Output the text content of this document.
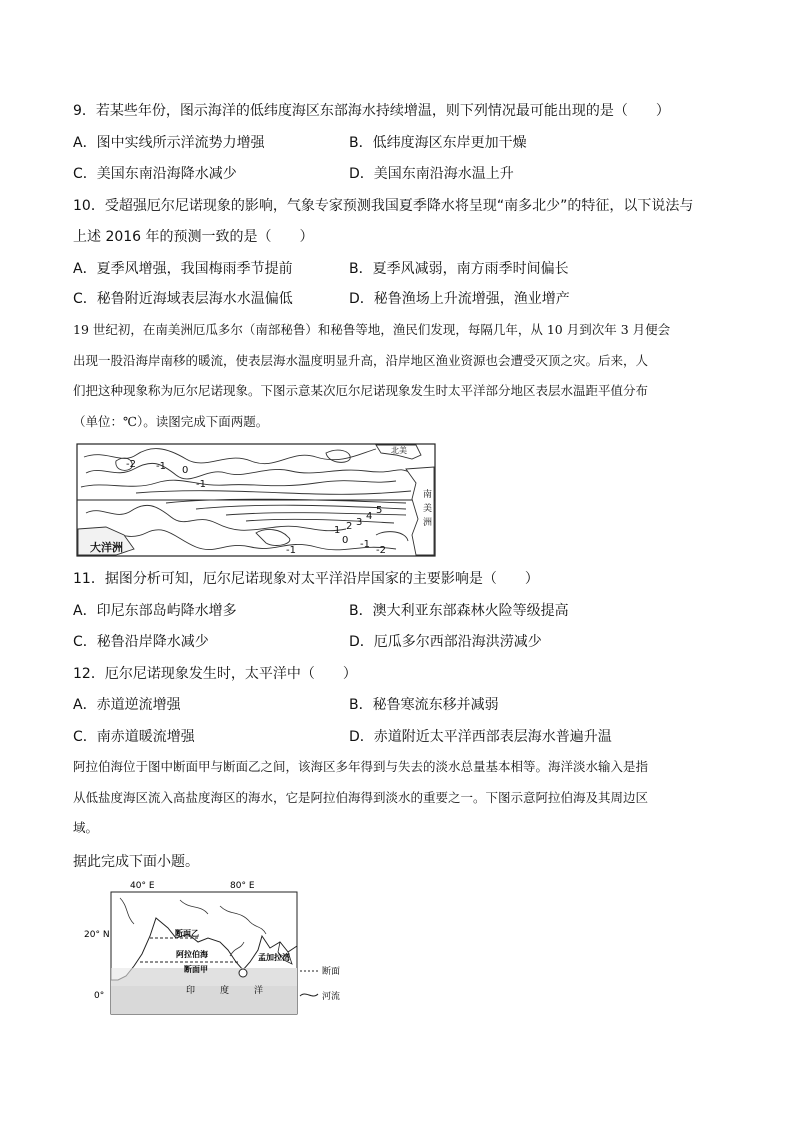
9．若某些年份，图示海洋的低纬度海区东部海水持续增温，则下列情况最可能出现的是（　　）
A．图中实线所示洋流势力增强	B．低纬度海区东岸更加干燥
C．美国东南沿海降水减少	D．美国东南沿海水温上升
10．受超强厄尔尼诺现象的影响，气象专家预测我国夏季降水将呈现“南多北少”的特征，以下说法与
上述 2016 年的预测一致的是（　　）
A．夏季风增强，我国梅雨季节提前	B．夏季风减弱，南方雨季时间偏长
C．秘鲁附近海域表层海水水温偏低	D．秘鲁渔场上升流增强，渔业增产
19 世纪初，在南美洲厄瓜多尔（南部秘鲁）和秘鲁等地，渔民们发现，每隔几年，从 10 月到次年 3 月便会
出现一股沿海岸南移的暖流，使表层海水温度明显升高，沿岸地区渔业资源也会遭受灭顶之灾。后来，人
们把这种现象称为厄尔尼诺现象。下图示意某次厄尔尼诺现象发生时太平洋部分地区表层水温距平值分布
（单位：℃）。读图完成下面两题。
-2 -1 0
-1
5
4
3
2
1
0 -1
-2
-1
北美
南
美
洲
大洋洲
11．据图分析可知，厄尔尼诺现象对太平洋沿岸国家的主要影响是（　　）
A．印尼东部岛屿降水增多	B．澳大利亚东部森林火险等级提高
C．秘鲁沿岸降水减少	D．厄瓜多尔西部沿海洪涝减少
12．厄尔尼诺现象发生时，太平洋中（　　）
A．赤道逆流增强	B．秘鲁寒流东移并减弱
C．南赤道暖流增强	D．赤道附近太平洋西部表层海水普遍升温
阿拉伯海位于图中断面甲与断面乙之间，该海区多年得到与失去的淡水总量基本相等。海洋淡水输入是指
从低盐度海区流入高盐度海区的海水，它是阿拉伯海得到淡水的重要之一。下图示意阿拉伯海及其周边区
域。
据此完成下面小题。
40° E	80° E
20° N
0°
断面乙
阿拉伯海
断面甲
孟加拉湾
印	度	洋
断面
河流
